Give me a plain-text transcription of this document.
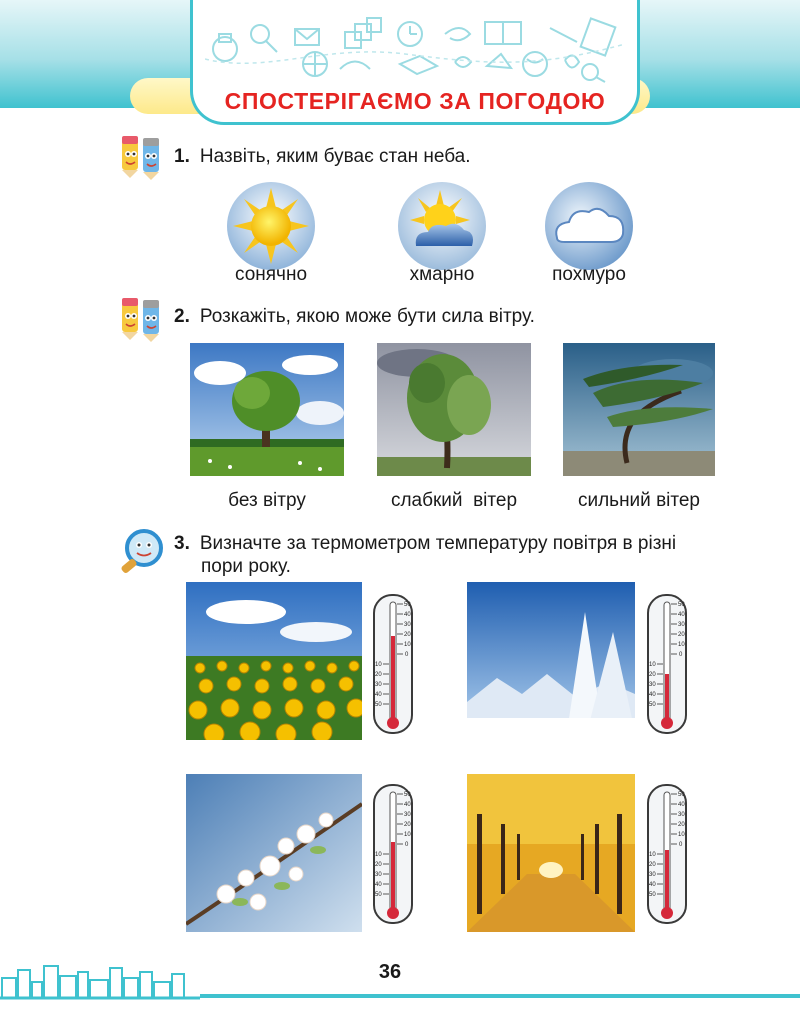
СПОСТЕРІГАЄМО ЗА ПОГОДОЮ
1. Назвіть, яким буває стан неба.
сонячно	хмарно	похмуро
2. Розкажіть, якою може бути сила вітру.
без вітру	слабкий  вітер	сильний вітер
3. Визначте за термометром температуру повітря в різні
пори року.
50
40
30
20
10
0
10
20
30
40
50
50
40
30
20
10
0
10
20
30
40
50
50
40
30
20
10
0
10
20
30
40
50
50
40
30
20
10
0
10
20
30
40
50
36
